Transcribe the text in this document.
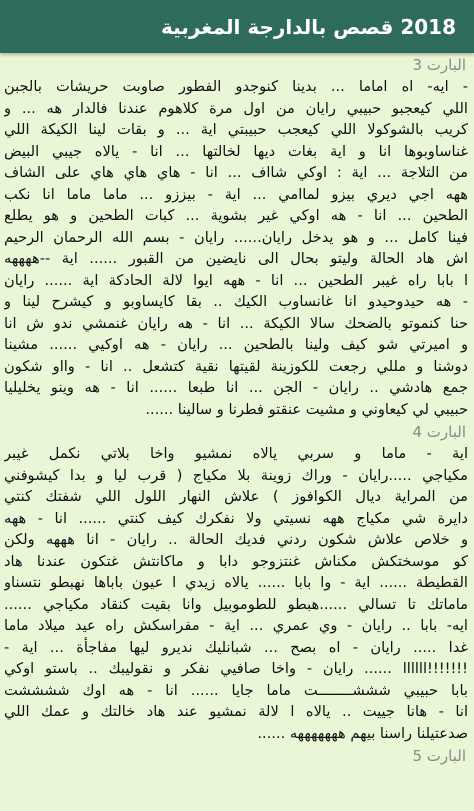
2018 قصص بالدارجة المغربية

البارت 3

- ايه- اه اماما ... بدينا كنوجدو الفطور صاوبت حريشات بالجبن

اللي كيعجبو حبيبي رايان من اول مرة كلاهوم عندنا فالدار هه ... و

كريب بالشوكولا اللي كيعجب حبيبتي اية ... و بقات لينا الكيكة اللي

غناساوبوها انا و اية بغات ديها لخالتها ... انا - يالاه جيبي البيض

من التلاجة ... اية : اوكي شااف ... انا - هاي هاي هاي على الشاف

ههه اجي ديري بيزو لماامي ... اية - بيززو ... ماما ماما انا نكب

الطحين ... انا - هه اوكي غير بشوية ... كبات الطحين و هو يطلع

فينا كامل ... و هو يدخل رايان...... رايان - بسم الله الرحمان الرحيم

اش هاد الحالة وليتو بحال الى نايضين من القبور ...... اية --ههههه

ا بابا راه غيبر الطحين ... انا - ههه ايوا لالة الحادكة اية ...... رايان

- هه حيدوحيدو انا غانساوب الكيك .. بقا كايساوبو و كيشرح لينا و

حنا كنموتو بالضحك سالا الكيكة ... انا - هه رايان غنمشي ندو ش انا

و اميرتي شو كيف ولينا بالطحين ... رايان - هه اوكيي ...... مشينا

دوشنا و مللي رجعت للكوزينة لقيتها نقية كتشعل .. انا - وااو شكون

جمع هادشي .. رايان - الجن ... انا طبعا ...... انا - هه وينو يخليليا

حبيبي لي كيعاوني و مشيت عنقتو فطرنا و سالينا ......

البارت 4

اية - ماما و سربي يالاه نمشيو واخا بلاتي نكمل غيبر

مكياجي .....رايان - وراك زوينة بلا مكياج ( قرب ليا و بدا كيشوفني

من المراية ديال الكوافوز ) علاش النهار اللول اللي شفتك كنتي

دايرة شي مكياج ههه نسيتي ولا نفكرك كيف كنتي ...... انا - ههه

و خلاص علاش شكون ردني فديك الحالة .. رايان - انا هههه ولكن

كو موسختكش مكناش غنتزوجو دابا و ماكانتش غتكون عندنا هاد

القطيطة ...... اية - وا بابا ...... يالاه زيدي ا عيون باباها نهبطو نتسناو

ماماتك تا تسالي ......هبطو للطوموبيل وانا بقيت كنقاد مكياجي ......

ايه- بابا .. رايان - وي عمري ... اية - مفراسكش راه عيد ميلاد ماما

غدا ..... رايان - اه بصح ... شبانليك نديرو ليها مفاجأة ... اية -

!!!!!!!اااااا ...... رايان - واخا صافيي نفكر و نقوليبك .. باستو اوكي

بابا حبيبي شششــــــــت ماما جايا ...... انا - هه اوك ششششت

انا - هانا جييت .. يالاه ا لالة نمشيو عند هاد خالتك و عمك اللي

صدعتيلنا راسنا بيهم هههههههه ......

البارت 5
